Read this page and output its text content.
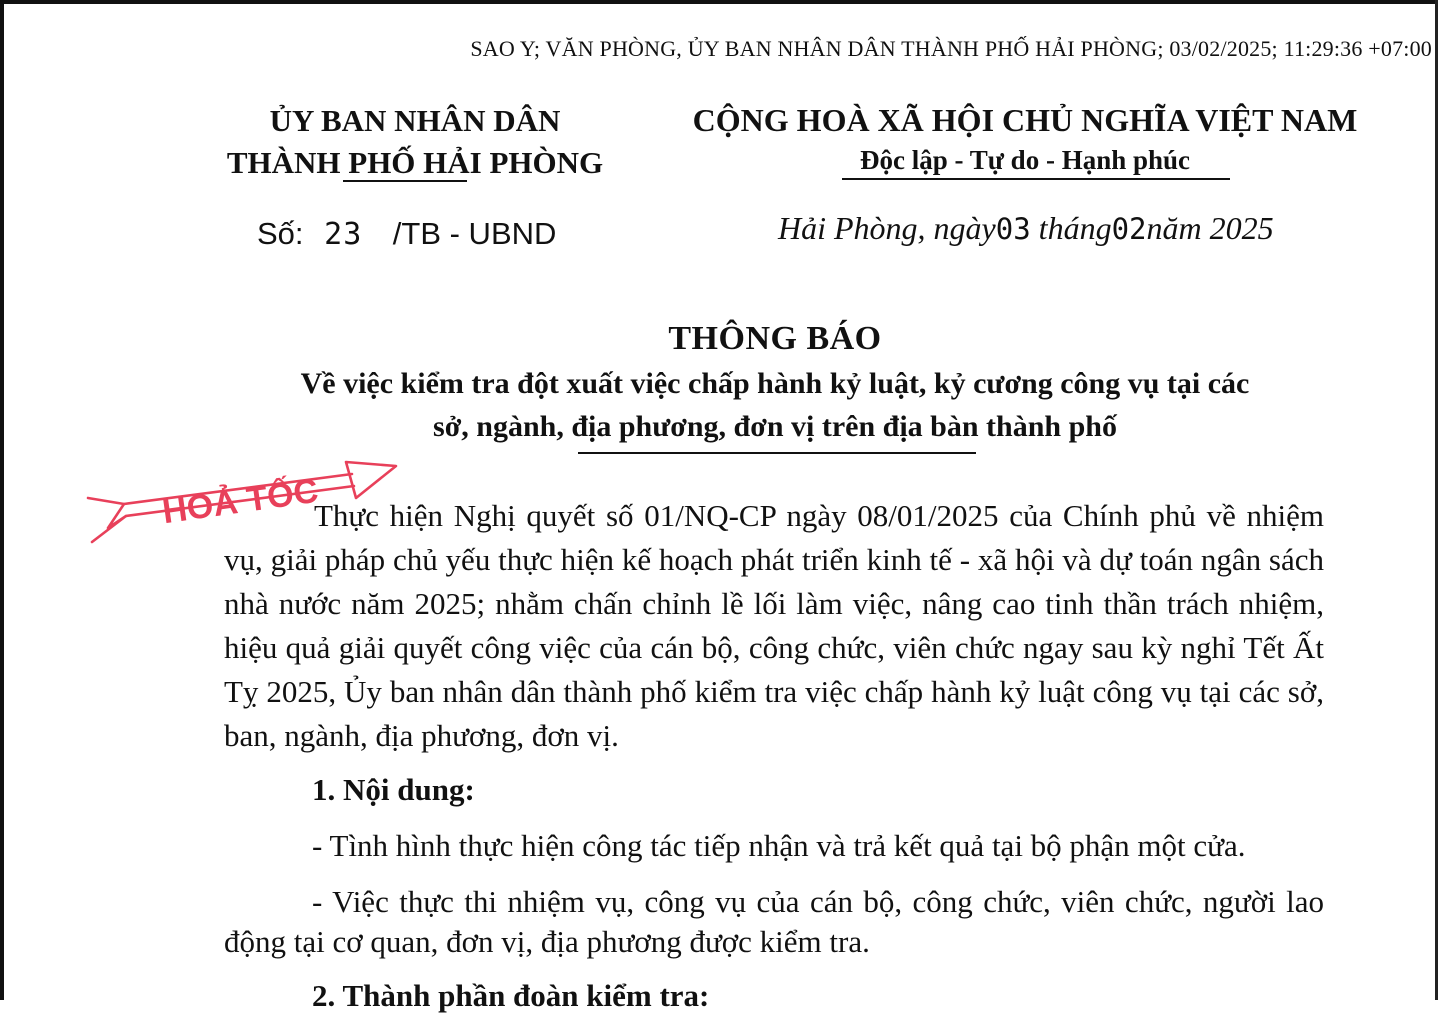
SAO Y; VĂN PHÒNG, ỦY BAN NHÂN DÂN THÀNH PHỐ HẢI PHÒNG; 03/02/2025; 11:29:36 +07:00
ỦY BAN NHÂN DÂN
THÀNH PHỐ HẢI PHÒNG
CỘNG HOÀ XÃ HỘI CHỦ NGHĨA VIỆT NAM
Độc lập - Tự do - Hạnh phúc
Số: 23 /TB - UBND	Hải Phòng, ngày03 tháng02năm 2025
THÔNG BÁO
Về việc kiểm tra đột xuất việc chấp hành kỷ luật, kỷ cương công vụ tại các
sở, ngành, địa phương, đơn vị trên địa bàn thành phố
HOẢ TỐC
Thực hiện Nghị quyết số 01/NQ-CP ngày 08/01/2025 của Chính phủ về nhiệm vụ, giải pháp chủ yếu thực hiện kế hoạch phát triển kinh tế - xã hội và dự toán ngân sách nhà nước năm 2025; nhằm chấn chỉnh lề lối làm việc, nâng cao tinh thần trách nhiệm, hiệu quả giải quyết công việc của cán bộ, công chức, viên chức ngay sau kỳ nghỉ Tết Ất Tỵ 2025, Ủy ban nhân dân thành phố kiểm tra việc chấp hành kỷ luật công vụ tại các sở, ban, ngành, địa phương, đơn vị.
1. Nội dung:
- Tình hình thực hiện công tác tiếp nhận và trả kết quả tại bộ phận một cửa.
- Việc thực thi nhiệm vụ, công vụ của cán bộ, công chức, viên chức, người lao động tại cơ quan, đơn vị, địa phương được kiểm tra.
2. Thành phần đoàn kiểm tra:
